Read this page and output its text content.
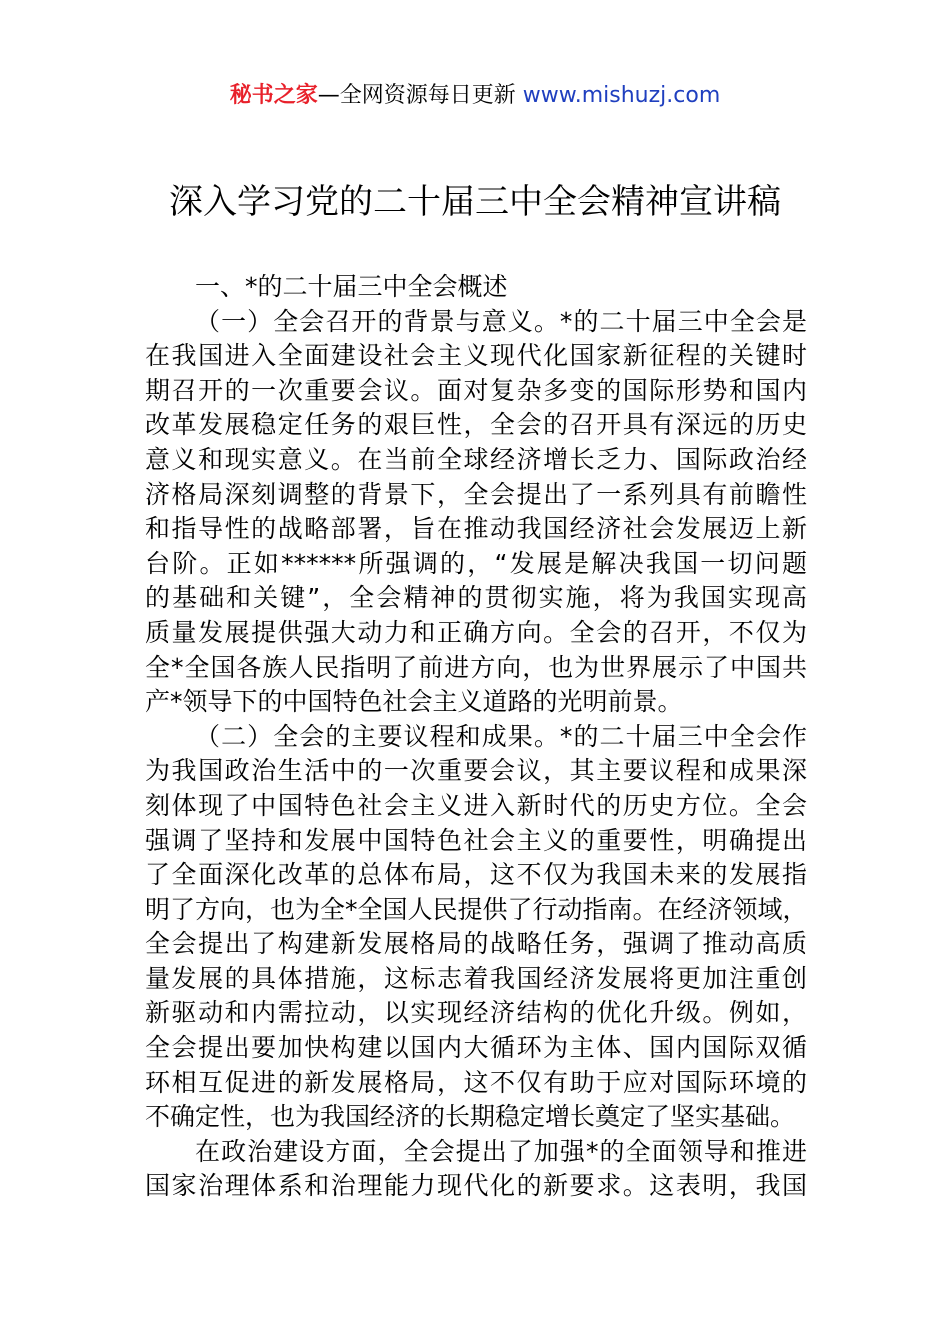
秘书之家—全网资源每日更新 www.mishuzj.com
深入学习党的二十届三中全会精神宣讲稿
一、*的二十届三中全会概述
（一）全会召开的背景与意义。*的二十届三中全会是
在我国进入全面建设社会主义现代化国家新征程的关键时
期召开的一次重要会议。面对复杂多变的国际形势和国内
改革发展稳定任务的艰巨性，全会的召开具有深远的历史
意义和现实意义。在当前全球经济增长乏力、国际政治经
济格局深刻调整的背景下，全会提出了一系列具有前瞻性
和指导性的战略部署，旨在推动我国经济社会发展迈上新
台阶。正如******所强调的，“发展是解决我国一切问题
的基础和关键”，全会精神的贯彻实施，将为我国实现高
质量发展提供强大动力和正确方向。全会的召开，不仅为
全*全国各族人民指明了前进方向，也为世界展示了中国共
产*领导下的中国特色社会主义道路的光明前景。
（二）全会的主要议程和成果。*的二十届三中全会作
为我国政治生活中的一次重要会议，其主要议程和成果深
刻体现了中国特色社会主义进入新时代的历史方位。全会
强调了坚持和发展中国特色社会主义的重要性，明确提出
了全面深化改革的总体布局，这不仅为我国未来的发展指
明了方向，也为全*全国人民提供了行动指南。在经济领域，
全会提出了构建新发展格局的战略任务，强调了推动高质
量发展的具体措施，这标志着我国经济发展将更加注重创
新驱动和内需拉动，以实现经济结构的优化升级。例如，
全会提出要加快构建以国内大循环为主体、国内国际双循
环相互促进的新发展格局，这不仅有助于应对国际环境的
不确定性，也为我国经济的长期稳定增长奠定了坚实基础。
在政治建设方面，全会提出了加强*的全面领导和推进
国家治理体系和治理能力现代化的新要求。这表明，我国
